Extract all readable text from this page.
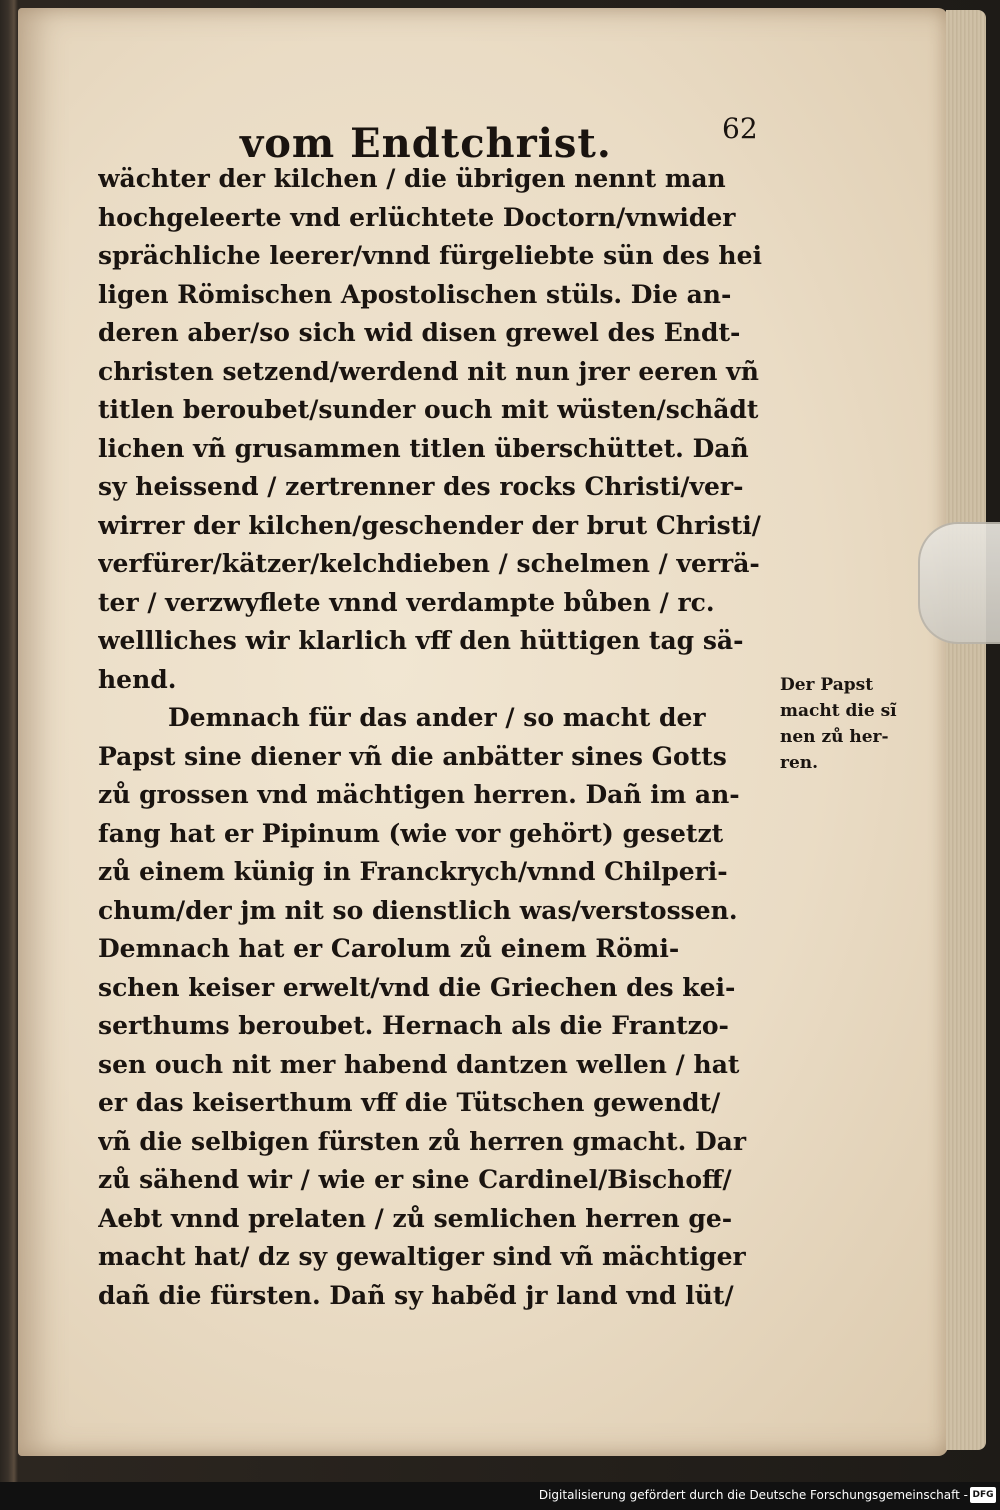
vom Endtchrist.	62
wächter der kilchen / die übrigen nennt man
hochgeleerte vnd erlüchtete Doctorn/vnwider
sprächliche leerer/vnnd fürgeliebte sün des hei
ligen Römischen Apostolischen stüls. Die an-
deren aber/so sich wid disen grewel des Endt-
christen setzend/werdend nit nun jrer eeren vñ
titlen beroubet/sunder ouch mit wüsten/schãdt
lichen vñ grusammen titlen überschüttet. Dañ
sy heissend / zertrenner des rocks Christi/ver-
wirrer der kilchen/geschender der brut Christi/
verfürer/kätzer/kelchdieben / schelmen / verrä-
ter / verzwyflete vnnd verdampte bůben / rc.
wellliches wir klarlich vff den hüttigen tag sä-
hend.
Demnach für das ander / so macht der
Papst sine diener vñ die anbätter sines Gotts
zů grossen vnd mächtigen herren. Dañ im an-
fang hat er Pipinum (wie vor gehört) gesetzt
zů einem künig in Franckrych/vnnd Chilperi-
chum/der jm nit so dienstlich was/verstossen.
Demnach hat er Carolum zů einem Römi-
schen keiser erwelt/vnd die Griechen des kei-
serthums beroubet. Hernach als die Frantzo-
sen ouch nit mer habend dantzen wellen / hat
er das keiserthum vff die Tütschen gewendt/
vñ die selbigen fürsten zů herren gmacht. Dar
zů sähend wir / wie er sine Cardinel/Bischoff/
Aebt vnnd prelaten / zů semlichen herren ge-
macht hat/ dz sy gewaltiger sind vñ mächtiger
dañ die fürsten. Dañ sy habẽd jr land vnd lüt/
Der Papst
macht die sĩ
nen zů her-
ren.
Digitalisierung gefördert durch die Deutsche Forschungsgemeinschaft - DFG
